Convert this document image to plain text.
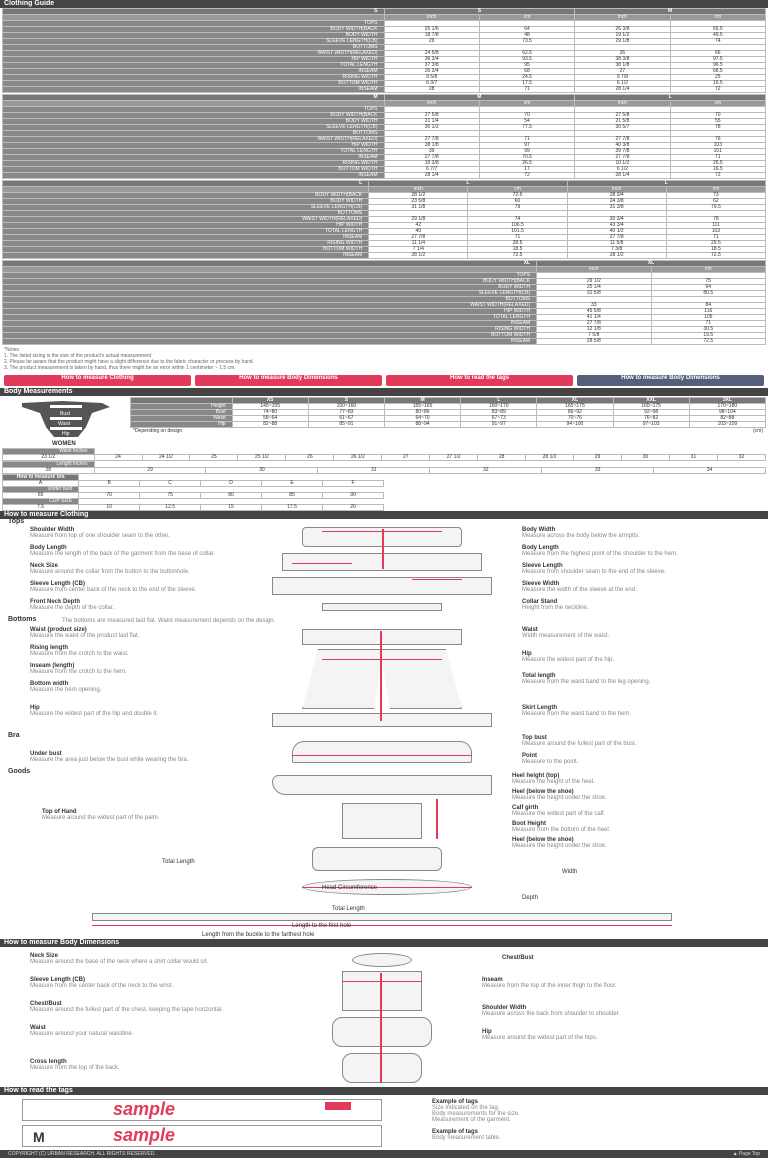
Clothing Guide
S	S		M	
	inch	cm	inch	cm
TOPS				
BODY WIDTH(BACK	25 1/6	64	26 3/8	65.5
BODY WIDTH	18 7/8	48	19 1/2	49.5
SLEEVE LENGTH(CB)	29	73.5	29 1/8	74
BOTTOMS				
WAIST WIDTH(RELAXED)	24 5/8	62.5	26	66
HIP WIDTH	36 3/4	93.5	38 3/8	97.5
TOTAL LENGTH	37 3/8	95	38 1/8	96.5
INSEAM	26 3/4	68	27	68.5
RISING WIDTH	9 5/8	24.5	9 7/8	25
BOTTOM WIDTH	6 3/7	17.5	6 1/2	16.5
INSEAM	28	71	28 1/4	72
M	M		L	
	inch	cm	inch	cm
TOPS				
BODY WIDTH(BACK	27 5/8	70	27 5/8	70
BODY WIDTH	21 1/4	54	21 5/8	55
SLEEVE LENGTH(CB)	30 1/2	77.5	30 5/7	78
BOTTOMS				
WAIST WIDTH(RELAXED)	27 7/8	71	27 7/8	76
HIP WIDTH	38 1/8	97	40 3/8	103
TOTAL LENGTH	39	99	39 7/8	101
INSEAM	27 7/8	70.5	27 7/8	71
RISING WIDTH	10 3/8	26.5	10 1/2	26.5
BOTTOM WIDTH	6 7/7	17	6 1/2	16.5
INSEAM	28 1/4	72	28 1/4	72
L	L		L	
	inch	cm	inch	cm
BODY WIDTH(BACK	28 1/2	72.5	28 3/4	73
BODY WIDTH	23 5/8	60	24 3/8	62
SLEEVE LENGTH(CB)	31 1/8	79	31 3/8	79.5
BOTTOMS				
WAIST WIDTH(RELAXED)	29 1/8	74	30 3/4	78
HIP WIDTH	42	106.5	43 3/4	111
TOTAL LENGTH	40	101.5	40 1/2	103
INSEAM	27 7/8	71	27 7/8	71
RISING WIDTH	11 1/4	28.5	11 5/8	29.5
BOTTOM WIDTH	7 1/4	18.5	7 3/8	18.5
INSEAM	28 1/2	72.5	28 1/2	72.5
XL	XL	
	inch	cm
TOPS		
BODY WIDTH(BACK	29 1/2	75
BODY WIDTH	25 1/4	64
SLEEVE LENGTH(CB)	31 5/8	80.5
BOTTOMS		
WAIST WIDTH(RELAXED)	33	84
HIP WIDTH	45 5/8	116
TOTAL LENGTH	41 1/4	105
INSEAM	27 7/8	71
RISING WIDTH	12 1/8	30.5
BOTTOM WIDTH	7 5/8	19.5
INSEAM	28 5/8	72.5
*Notes
1. The listed sizing is the size of the product's actual measurement
2. Please be aware that the product might have a slight difference due to the fabric character or process by hand.
3. The product measurement is taken by hand, thus there might be an error within 1 centimeter ~ 1.5 cm.
How to measure Clothing	How to measure Body Dimensions	How to read the tags	How to measure Body Dimensions
Body Measurements
Bust
Waist
Hip
WOMEN
	XS	S	M	L	XL	XXL	3XL
Height	145~155	150~160	155~165	160~170	165~175	165~175	170~180
Bust	74~80	77~83	80~86	83~89	86~92	92~98	98~104
Waist	58~64	61~67	64~70	67~73	70~76	76~82	82~88
Hip	82~88	85~91	88~94	91~97	94~100	97~103	103~109
*Depending on design	(cm)
Waist Inches
23 1/2	24	24 1/2	25	25 1/2	26	26 1/2	27	27 1/2	28	28 1/2	29	30	31	32
Length inches
28	29	30	31	32	33	34
How to measure bra					
A	B	C	D	E	F
Under bust					
65	70	75	80	85	90
CUP SIZE					
7.5	10	12.5	15	17.5	20
How to measure Clothing
Tops
Shoulder Width
Measure from top of one shoulder seam to the other.
Body Length
Measure the length of the back of the garment from the base of collar.
Neck Size
Measure around the collar from the button to the buttonhole.
Sleeve Length (CB)
Measure from center back of the neck to the end of the sleeve.
Front Neck Depth
Measure the depth of the collar.
Body Width
Measure across the body below the armpits.
Body Length
Measure from the highest point of the shoulder to the hem.
Sleeve Length
Measure from shoulder seam to the end of the sleeve.
Sleeve Width
Measure the width of the sleeve at the end.
Collar Stand
Height from the neckline.
Bottoms	The bottoms are measured laid flat. Waist measurement depends on the design.
Waist (product size)
Measure the waist of the product laid flat.
Rising length
Measure from the crotch to the waist.
Inseam (length)
Measure from the crotch to the hem.
Bottom width
Measure the hem opening.
Hip
Measure the widest part of the hip and double it.
Waist
Width measurement of the waist.
Hip
Measure the widest part of the hip.
Total length
Measure from the waist band to the leg opening.
Skirt Length
Measure from the waist band to the hem.
Bra
Under bust
Measure the area just below the bust while wearing the bra.
Top bust
Measure around the fullest part of the bust.
Point
Measure to the point.
Goods
Top of Hand
Measure around the widest part of the palm.
Heel height (top)
Measure the height of the heel.
Heel (below the shoe)
Measure the height under the shoe.
Calf girth
Measure the widest part of the calf.
Boot Height
Measure from the bottom of the heel.
Heel (below the shoe)
Measure the height under the shoe.
Total Length
Width
Head Circumference
Depth
Total Length
Length to the first hole
Length from the buckle to the farthest hole
How to measure Body Dimensions
Neck Size
Measure around the base of the neck where a shirt collar would sit.
Sleeve Length (CB)
Measure from the center back of the neck to the wrist.
Chest/Bust
Measure around the fullest part of the chest, keeping the tape horizontal.
Waist
Measure around your natural waistline.
Cross length
Measure from the top of the back.
Chest/Bust
Inseam
Measure from the top of the inner thigh to the floor.
Shoulder Width
Measure across the back from shoulder to shoulder.
Hip
Measure around the widest part of the hips.
How to read the tags
sample
M	sample
Example of tags
Size indicated on the tag.
Body measurements for the size.
Measurement of the garment.
Example of tags
Body measurement table.
COPYRIGHT (C) URBAN RESEARCH. ALL RIGHTS RESERVED.	▲ Page Top
